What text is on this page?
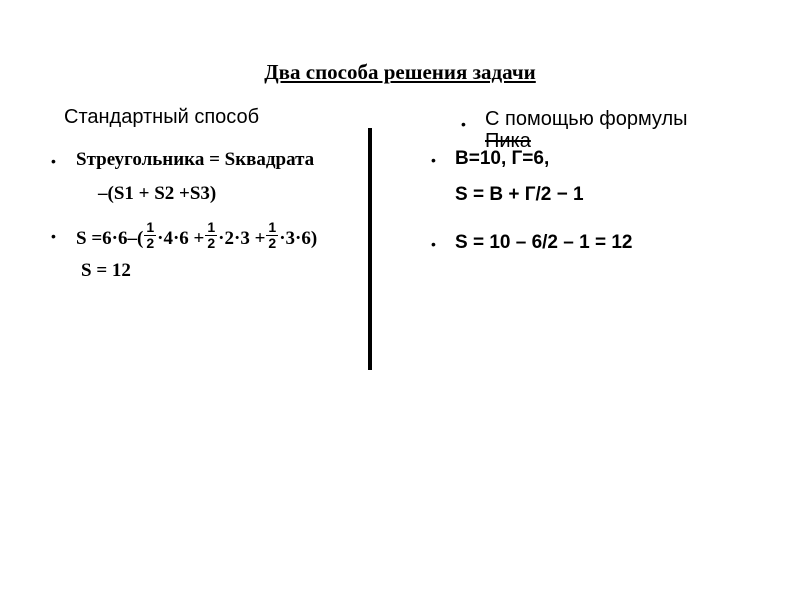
Два способа решения задачи
Стандартный способ
• Sтреугольника = Sквадрата
–(S1 + S2 +S3)
• $S =6\cdot 6-( \frac{1}{2} \cdot 4\cdot 6 + \frac{1}{2} \cdot 2\cdot 3 + \frac{1}{2} \cdot 3\cdot 6)$
S = 12
• С помощью формулы
Пика
• В=10, Г=6,
S = В + Г/2 − 1
• S = 10 – 6/2 – 1 = 12
